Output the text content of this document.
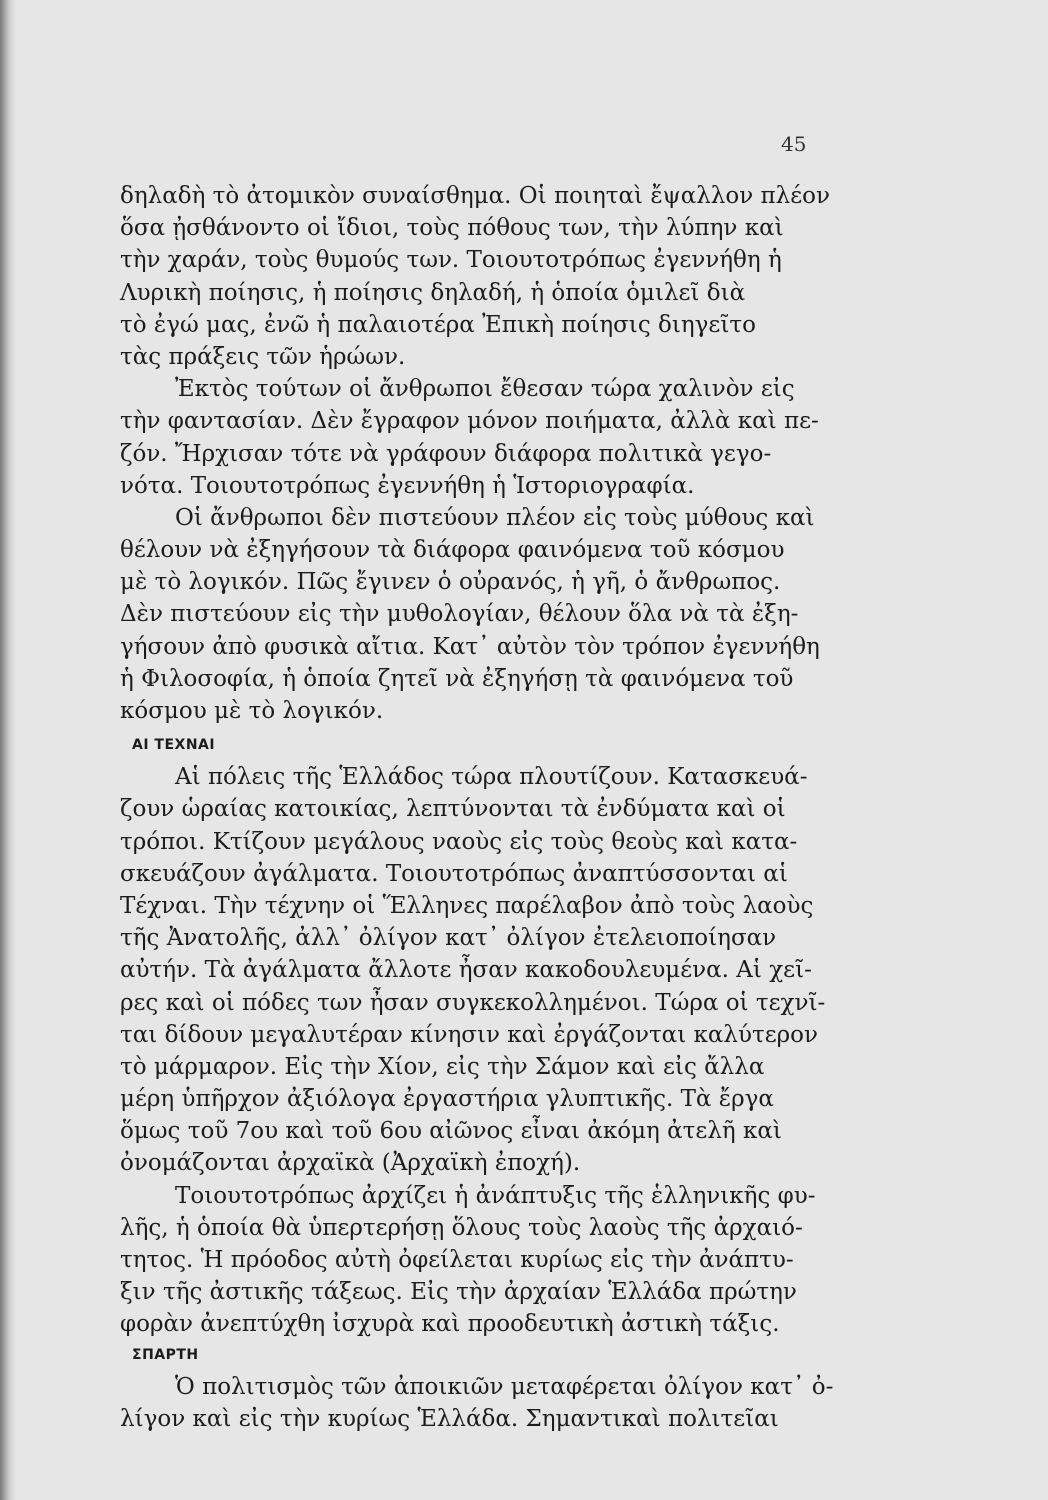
45
δηλαδὴ τὸ ἀτομικὸν συναίσθημα. Οἱ ποιηταὶ ἔψαλλον πλέον
ὅσα ᾐσθάνοντο οἱ ἴδιοι, τοὺς πόθους των, τὴν λύπην καὶ
τὴν χαράν, τοὺς θυμούς των. Τοιουτοτρόπως ἐγεννήθη ἡ
Λυρικὴ ποίησις, ἡ ποίησις δηλαδή, ἡ ὁποία ὁμιλεῖ διὰ
τὸ ἐγώ μας, ἐνῶ ἡ παλαιοτέρα Ἐπικὴ ποίησις διηγεῖτο
τὰς πράξεις τῶν ἡρώων.
Ἐκτὸς τούτων οἱ ἄνθρωποι ἔθεσαν τώρα χαλινὸν εἰς
τὴν φαντασίαν. Δὲν ἔγραφον μόνον ποιήματα, ἀλλὰ καὶ πε-
ζόν. Ἤρχισαν τότε νὰ γράφουν διάφορα πολιτικὰ γεγο-
νότα. Τοιουτοτρόπως ἐγεννήθη ἡ Ἱστοριογραφία.
Οἱ ἄνθρωποι δὲν πιστεύουν πλέον εἰς τοὺς μύθους καὶ
θέλουν νὰ ἐξηγήσουν τὰ διάφορα φαινόμενα τοῦ κόσμου
μὲ τὸ λογικόν. Πῶς ἔγινεν ὁ οὐρανός, ἡ γῆ, ὁ ἄνθρωπος.
Δὲν πιστεύουν εἰς τὴν μυθολογίαν, θέλουν ὅλα νὰ τὰ ἐξη-
γήσουν ἀπὸ φυσικὰ αἴτια. Κατ᾿ αὐτὸν τὸν τρόπον ἐγεννήθη
ἡ Φιλοσοφία, ἡ ὁποία ζητεῖ νὰ ἐξηγήσῃ τὰ φαινόμενα τοῦ
κόσμου μὲ τὸ λογικόν.
ΑΙ ΤΕΧΝΑΙ
Αἱ πόλεις τῆς Ἑλλάδος τώρα πλουτίζουν. Κατασκευά-
ζουν ὡραίας κατοικίας, λεπτύνονται τὰ ἐνδύματα καὶ οἱ
τρόποι. Κτίζουν μεγάλους ναοὺς εἰς τοὺς θεοὺς καὶ κατα-
σκευάζουν ἀγάλματα. Τοιουτοτρόπως ἀναπτύσσονται αἱ
Τέχναι. Τὴν τέχνην οἱ Ἕλληνες παρέλαβον ἀπὸ τοὺς λαοὺς
τῆς Ἀνατολῆς, ἀλλ᾿ ὀλίγον κατ᾿ ὀλίγον ἐτελειοποίησαν
αὐτήν. Τὰ ἀγάλματα ἄλλοτε ἦσαν κακοδουλευμένα. Αἱ χεῖ-
ρες καὶ οἱ πόδες των ἦσαν συγκεκολλημένοι. Τώρα οἱ τεχνῖ-
ται δίδουν μεγαλυτέραν κίνησιν καὶ ἐργάζονται καλύτερον
τὸ μάρμαρον. Εἰς τὴν Χίον, εἰς τὴν Σάμον καὶ εἰς ἄλλα
μέρη ὑπῆρχον ἀξιόλογα ἐργαστήρια γλυπτικῆς. Τὰ ἔργα
ὅμως τοῦ 7ου καὶ τοῦ 6ου αἰῶνος εἶναι ἀκόμη ἀτελῆ καὶ
ὀνομάζονται ἀρχαϊκὰ (Ἀρχαϊκὴ ἐποχή).
Τοιουτοτρόπως ἀρχίζει ἡ ἀνάπτυξις τῆς ἑλληνικῆς φυ-
λῆς, ἡ ὁποία θὰ ὑπερτερήσῃ ὅλους τοὺς λαοὺς τῆς ἀρχαιό-
τητος. Ἡ πρόοδος αὐτὴ ὀφείλεται κυρίως εἰς τὴν ἀνάπτυ-
ξιν τῆς ἀστικῆς τάξεως. Εἰς τὴν ἀρχαίαν Ἑλλάδα πρώτην
φορὰν ἀνεπτύχθη ἰσχυρὰ καὶ προοδευτικὴ ἀστικὴ τάξις.
ΣΠΑΡΤΗ
Ὁ πολιτισμὸς τῶν ἀποικιῶν μεταφέρεται ὀλίγον κατ᾿ ὀ-
λίγον καὶ εἰς τὴν κυρίως Ἑλλάδα. Σημαντικαὶ πολιτεῖαι
